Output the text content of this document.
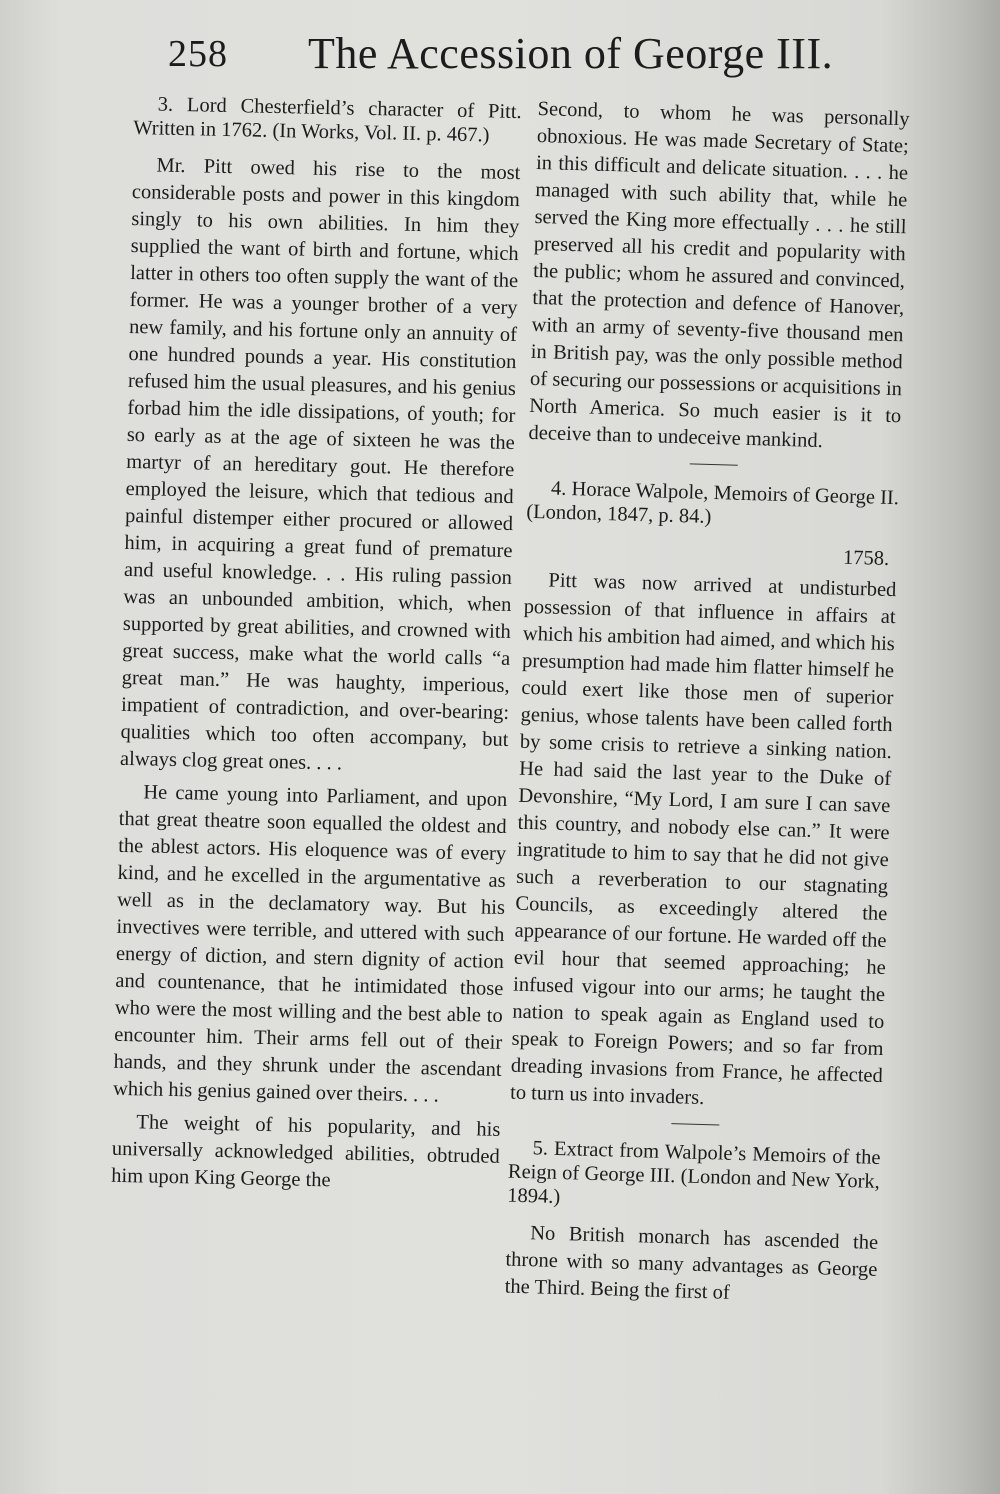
258 The Accession of George III.

3. Lord Chesterfield’s character of Pitt. Written in 1762. (In Works, Vol. II. p. 467.)

Mr. Pitt owed his rise to the most considerable posts and power in this kingdom singly to his own abilities. In him they supplied the want of birth and fortune, which latter in others too often supply the want of the former. He was a younger brother of a very new family, and his fortune only an annuity of one hundred pounds a year. His constitution refused him the usual pleasures, and his genius forbad him the idle dissipations, of youth; for so early as at the age of sixteen he was the martyr of an hereditary gout. He therefore employed the leisure, which that tedious and painful distemper either procured or allowed him, in acquiring a great fund of premature and useful knowledge. . . His ruling passion was an unbounded ambition, which, when supported by great abilities, and crowned with great success, make what the world calls “a great man.” He was haughty, imperious, impatient of contradiction, and over-bearing: qualities which too often accompany, but always clog great ones. . . .

He came young into Parliament, and upon that great theatre soon equalled the oldest and the ablest actors. His eloquence was of every kind, and he excelled in the argumentative as well as in the declamatory way. But his invectives were terrible, and uttered with such energy of diction, and stern dignity of action and countenance, that he intimidated those who were the most willing and the best able to encounter him. Their arms fell out of their hands, and they shrunk under the ascendant which his genius gained over theirs. . . .

The weight of his popularity, and his universally acknowledged abilities, obtruded him upon King George the

Second, to whom he was personally obnoxious. He was made Secretary of State; in this difficult and delicate situation. . . . he managed with such ability that, while he served the King more effectually . . . he still preserved all his credit and popularity with the public; whom he assured and convinced, that the protection and defence of Hanover, with an army of seventy-five thousand men in British pay, was the only possible method of securing our possessions or acquisitions in North America. So much easier is it to deceive than to undeceive mankind.

4. Horace Walpole, Memoirs of George II. (London, 1847, p. 84.)

1758.

Pitt was now arrived at undisturbed possession of that influence in affairs at which his ambition had aimed, and which his presumption had made him flatter himself he could exert like those men of superior genius, whose talents have been called forth by some crisis to retrieve a sinking nation. He had said the last year to the Duke of Devonshire, “My Lord, I am sure I can save this country, and nobody else can.” It were ingratitude to him to say that he did not give such a reverberation to our stagnating Councils, as exceedingly altered the appearance of our fortune. He warded off the evil hour that seemed approaching; he infused vigour into our arms; he taught the nation to speak again as England used to speak to Foreign Powers; and so far from dreading invasions from France, he affected to turn us into invaders.

5. Extract from Walpole’s Memoirs of the Reign of George III. (London and New York, 1894.)

No British monarch has ascended the throne with so many advantages as George the Third. Being the first of
